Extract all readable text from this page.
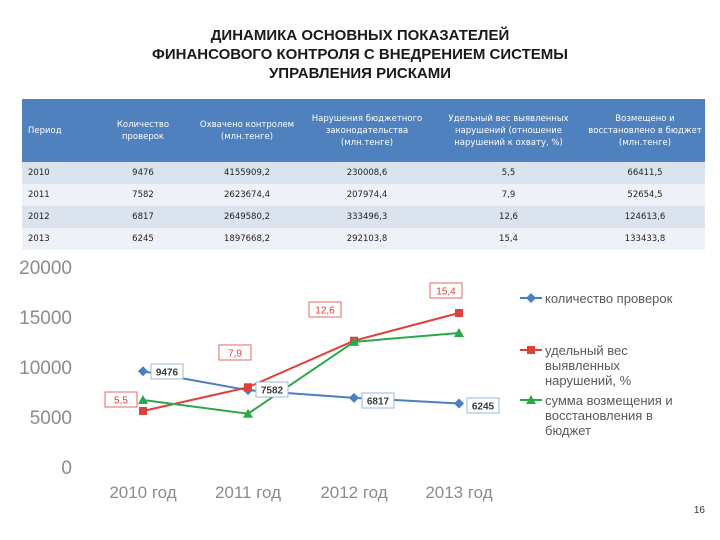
ДИНАМИКА ОСНОВНЫХ ПОКАЗАТЕЛЕЙ
ФИНАНСОВОГО КОНТРОЛЯ С ВНЕДРЕНИЕМ СИСТЕМЫ
УПРАВЛЕНИЯ РИСКАМИ
Период	Количество проверок	Охвачено контролем (млн.тенге)	Нарушения бюджетного законодательства (млн.тенге)	Удельный вес выявленных нарушений (отношение нарушений к охвату, %)	Возмещено и восстановлено в бюджет (млн.тенге)
2010	9476	4155909,2	230008,6	5,5	66411,5
2011	7582	2623674,4	207974,4	7,9	52654,5
2012	6817	2649580,2	333496,3	12,6	124613,6
2013	6245	1897668,2	292103,8	15,4	133433,8
0
5000
10000
15000
20000
2010 год 2011 год 2012 год 2013 год
9476
7582
6817	6245
5,5
7,9
12,6
15,4	количество проверок
удельный вес выявленных нарушений, %
сумма возмещения и восстановления в бюджет
16
